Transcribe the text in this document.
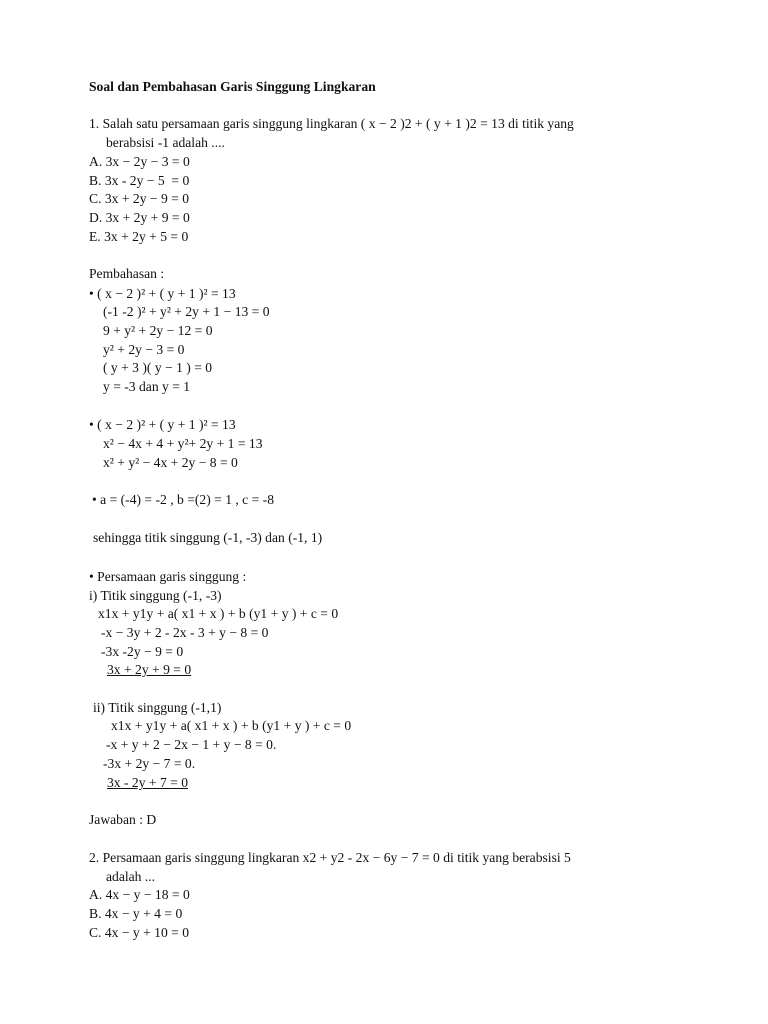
Soal dan Pembahasan Garis Singgung Lingkaran
1. Salah satu persamaan garis singgung lingkaran ( x − 2 )2 + ( y + 1 )2 = 13 di titik yang
berabsisi -1 adalah ....
A. 3x − 2y − 3 = 0
B. 3x - 2y − 5  = 0
C. 3x + 2y − 9 = 0
D. 3x + 2y + 9 = 0
E. 3x + 2y + 5 = 0
Pembahasan :
• ( x − 2 )² + ( y + 1 )² = 13
(-1 -2 )² + y² + 2y + 1 − 13 = 0
9 + y² + 2y − 12 = 0
y² + 2y − 3 = 0
( y + 3 )( y − 1 ) = 0
y = -3 dan y = 1
• ( x − 2 )² + ( y + 1 )² = 13
x² − 4x + 4 + y²+ 2y + 1 = 13
x² + y² − 4x + 2y − 8 = 0
• a = (-4) = -2 , b =(2) = 1 , c = -8
sehingga titik singgung (-1, -3) dan (-1, 1)
• Persamaan garis singgung :
i) Titik singgung (-1, -3)
x1x + y1y + a( x1 + x ) + b (y1 + y ) + c = 0
-x − 3y + 2 - 2x - 3 + y − 8 = 0
-3x -2y − 9 = 0
3x + 2y + 9 = 0
ii) Titik singgung (-1,1)
x1x + y1y + a( x1 + x ) + b (y1 + y ) + c = 0
-x + y + 2 − 2x − 1 + y − 8 = 0.
-3x + 2y − 7 = 0.
3x - 2y + 7 = 0
Jawaban : D
2. Persamaan garis singgung lingkaran x2 + y2 - 2x − 6y − 7 = 0 di titik yang berabsisi 5
adalah ...
A. 4x − y − 18 = 0
B. 4x − y + 4 = 0
C. 4x − y + 10 = 0
